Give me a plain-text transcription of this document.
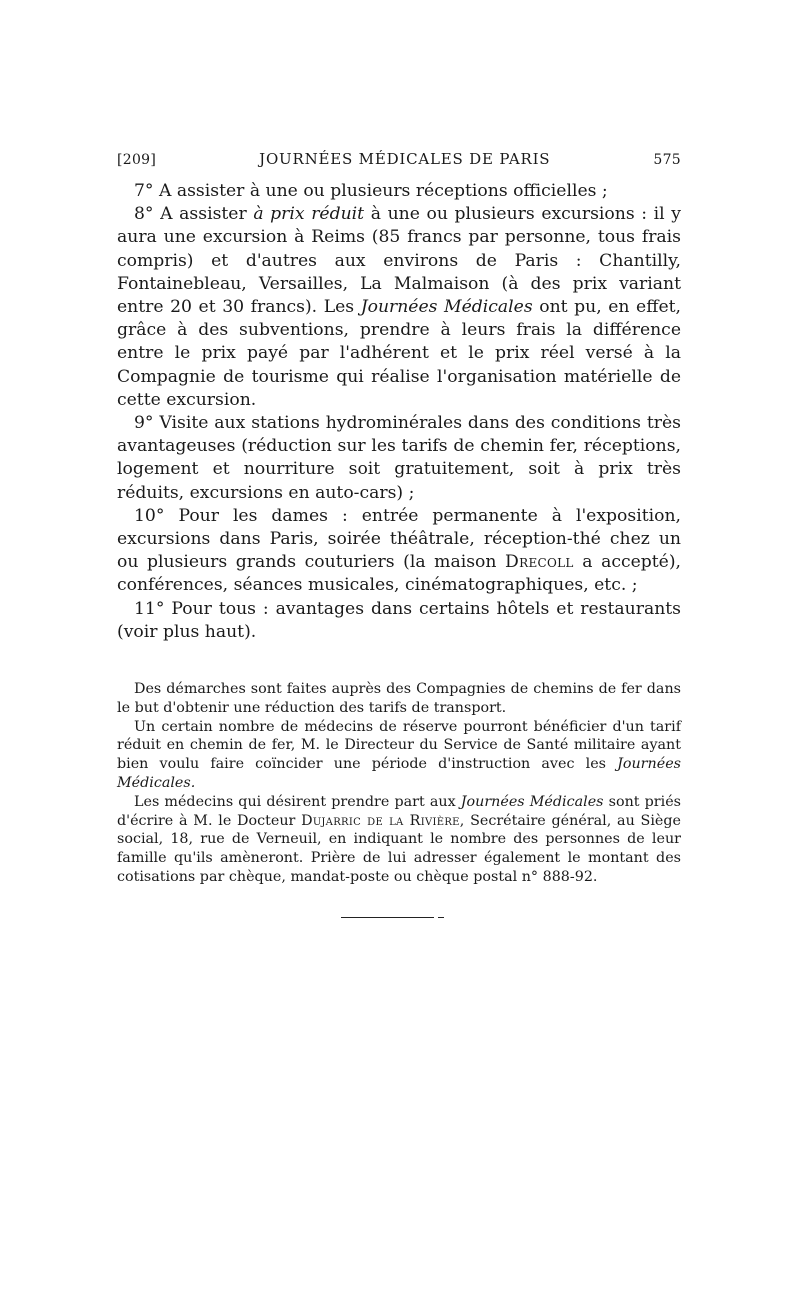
[209]	JOURNÉES MÉDICALES DE PARIS	575

7° A assister à une ou plusieurs réceptions officielles ;

8° A assister à prix réduit à une ou plusieurs excursions : il y aura une excursion à Reims (85 francs par personne, tous frais compris) et d'autres aux environs de Paris : Chantilly, Fontainebleau, Versailles, La Malmaison (à des prix variant entre 20 et 30 francs). Les Journées Médicales ont pu, en effet, grâce à des subventions, prendre à leurs frais la différence entre le prix payé par l'adhérent et le prix réel versé à la Compagnie de tourisme qui réalise l'organisation matérielle de cette excursion.

9° Visite aux stations hydrominérales dans des conditions très avantageuses (réduction sur les tarifs de chemin fer, réceptions, logement et nourriture soit gratuitement, soit à prix très réduits, excursions en auto-cars) ;

10° Pour les dames : entrée permanente à l'exposition, excursions dans Paris, soirée théâtrale, réception-thé chez un ou plusieurs grands couturiers (la maison Drecoll a accepté), conférences, séances musicales, cinématographiques, etc. ;

11° Pour tous : avantages dans certains hôtels et restaurants (voir plus haut).

Des démarches sont faites auprès des Compagnies de chemins de fer dans le but d'obtenir une réduction des tarifs de transport.

Un certain nombre de médecins de réserve pourront bénéficier d'un tarif réduit en chemin de fer, M. le Directeur du Service de Santé militaire ayant bien voulu faire coïncider une période d'instruction avec les Journées Médicales.

Les médecins qui désirent prendre part aux Journées Médicales sont priés d'écrire à M. le Docteur Dujarric de la Rivière, Secrétaire général, au Siège social, 18, rue de Verneuil, en indiquant le nombre des personnes de leur famille qu'ils amèneront. Prière de lui adresser également le montant des cotisations par chèque, mandat-poste ou chèque postal n° 888-92.
